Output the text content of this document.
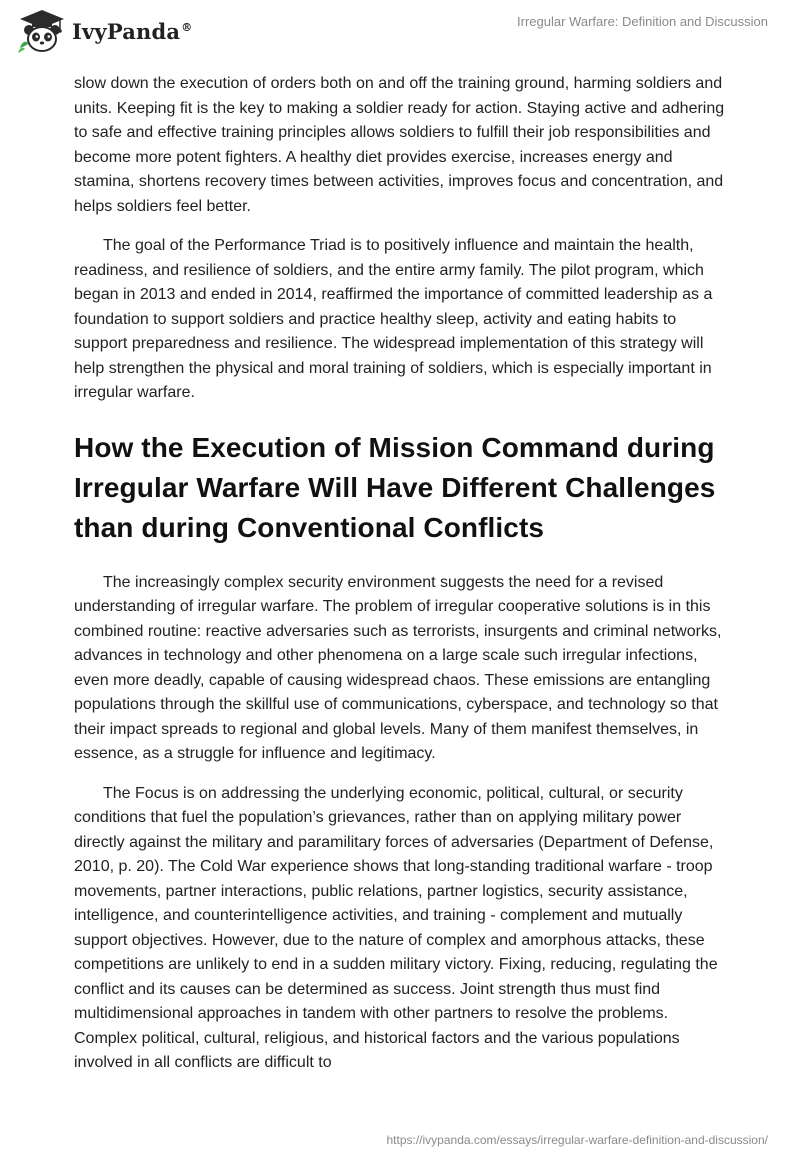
IvyPanda®	Irregular Warfare: Definition and Discussion

slow down the execution of orders both on and off the training ground, harming soldiers and units. Keeping fit is the key to making a soldier ready for action. Staying active and adhering to safe and effective training principles allows soldiers to fulfill their job responsibilities and become more potent fighters. A healthy diet provides exercise, increases energy and stamina, shortens recovery times between activities, improves focus and concentration, and helps soldiers feel better.

The goal of the Performance Triad is to positively influence and maintain the health, readiness, and resilience of soldiers, and the entire army family. The pilot program, which began in 2013 and ended in 2014, reaffirmed the importance of committed leadership as a foundation to support soldiers and practice healthy sleep, activity and eating habits to support preparedness and resilience. The widespread implementation of this strategy will help strengthen the physical and moral training of soldiers, which is especially important in irregular warfare.

How the Execution of Mission Command during Irregular Warfare Will Have Different Challenges than during Conventional Conflicts

The increasingly complex security environment suggests the need for a revised understanding of irregular warfare. The problem of irregular cooperative solutions is in this combined routine: reactive adversaries such as terrorists, insurgents and criminal networks, advances in technology and other phenomena on a large scale such irregular infections, even more deadly, capable of causing widespread chaos. These emissions are entangling populations through the skillful use of communications, cyberspace, and technology so that their impact spreads to regional and global levels. Many of them manifest themselves, in essence, as a struggle for influence and legitimacy.

The Focus is on addressing the underlying economic, political, cultural, or security conditions that fuel the population’s grievances, rather than on applying military power directly against the military and paramilitary forces of adversaries (Department of Defense, 2010, p. 20). The Cold War experience shows that long-standing traditional warfare - troop movements, partner interactions, public relations, partner logistics, security assistance, intelligence, and counterintelligence activities, and training - complement and mutually support objectives. However, due to the nature of complex and amorphous attacks, these competitions are unlikely to end in a sudden military victory. Fixing, reducing, regulating the conflict and its causes can be determined as success. Joint strength thus must find multidimensional approaches in tandem with other partners to resolve the problems. Complex political, cultural, religious, and historical factors and the various populations involved in all conflicts are difficult to

https://ivypanda.com/essays/irregular-warfare-definition-and-discussion/
